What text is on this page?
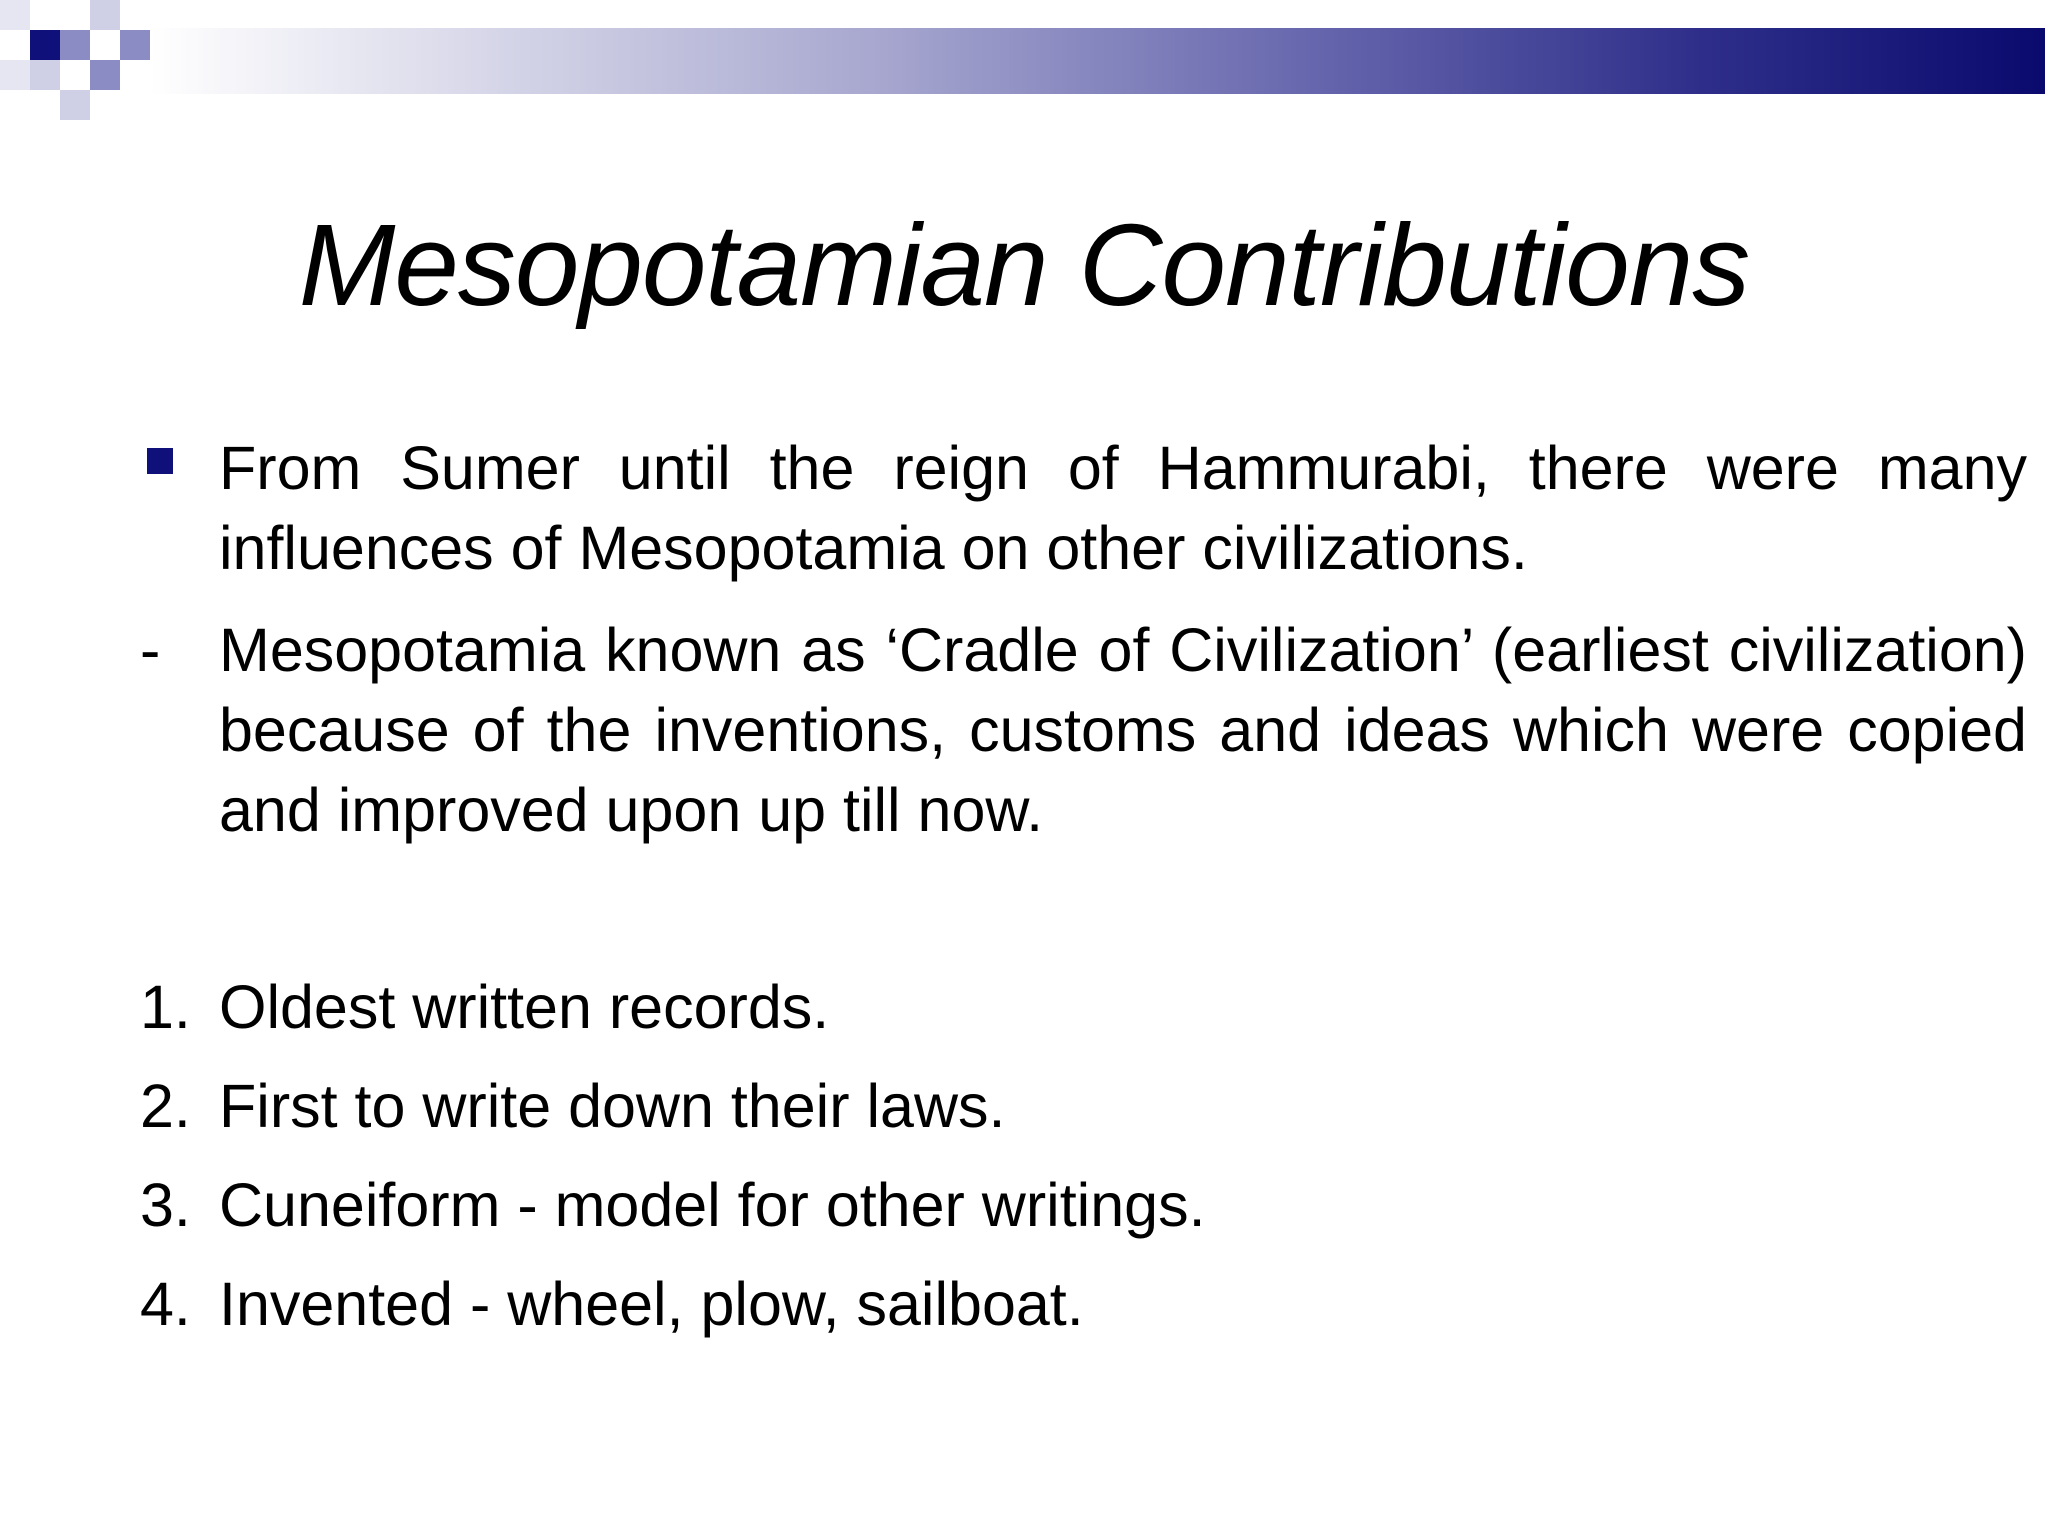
Mesopotamian Contributions
From Sumer until the reign of Hammurabi, there were many influences of Mesopotamia on other civilizations.
- Mesopotamia known as ‘Cradle of Civilization’ (earliest civilization) because of the inventions, customs and ideas which were copied and improved upon up till now.
1. Oldest written records.
2. First to write down their laws.
3. Cuneiform - model for other writings.
4. Invented - wheel, plow, sailboat.
